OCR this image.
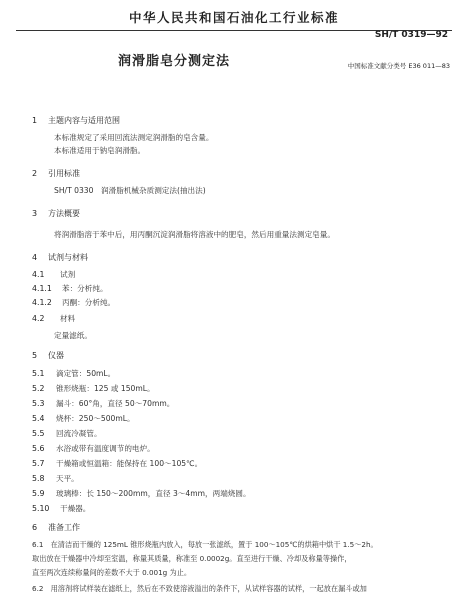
中华人民共和国石油化工行业标准
SH/T 0319—92
润滑脂皂分测定法	中国标准文献分类号 E36 011—83
1 主题内容与适用范围
本标准规定了采用回流法测定润滑脂的皂含量。
本标准适用于钠皂润滑脂。
2 引用标准
SH/T 0330　润滑脂机械杂质测定法(抽出法)
3 方法概要
将润滑脂溶于苯中后，用丙酮沉淀润滑脂将溶液中的肥皂，然后用重量法测定皂量。
4 试剂与材料
4.1 试剂
4.1.1 苯：分析纯。
4.1.2 丙酮：分析纯。
4.2 材料
定量滤纸。
5 仪器
5.1 滴定管：50mL。
5.2 锥形烧瓶：125 或 150mL。
5.3 漏斗：60°角，直径 50～70mm。
5.4 烧杯：250～500mL。
5.5 回流冷凝管。
5.6 水浴或带有温度调节的电炉。
5.7 干燥箱或恒温箱：能保持在 100～105℃。
5.8 天平。
5.9 玻璃棒：长 150～200mm，直径 3～4mm，两端烧圆。
5.10 干燥器。
6 准备工作
6.1　在清洁而干燥的 125mL 锥形烧瓶内放入，每放一张滤纸，置于 100～105℃的烘箱中烘干 1.5～2h。
取出放在干燥器中冷却至室温，称量其质量，称准至 0.0002g。直至进行干燥、冷却及称量等操作，
直至两次连续称量间的差数不大于 0.001g 为止。
6.2　用溶剂将试样装在滤纸上，然后在不致使溶液溢出的条件下，从试样容器的试样，一起放在漏斗或加
